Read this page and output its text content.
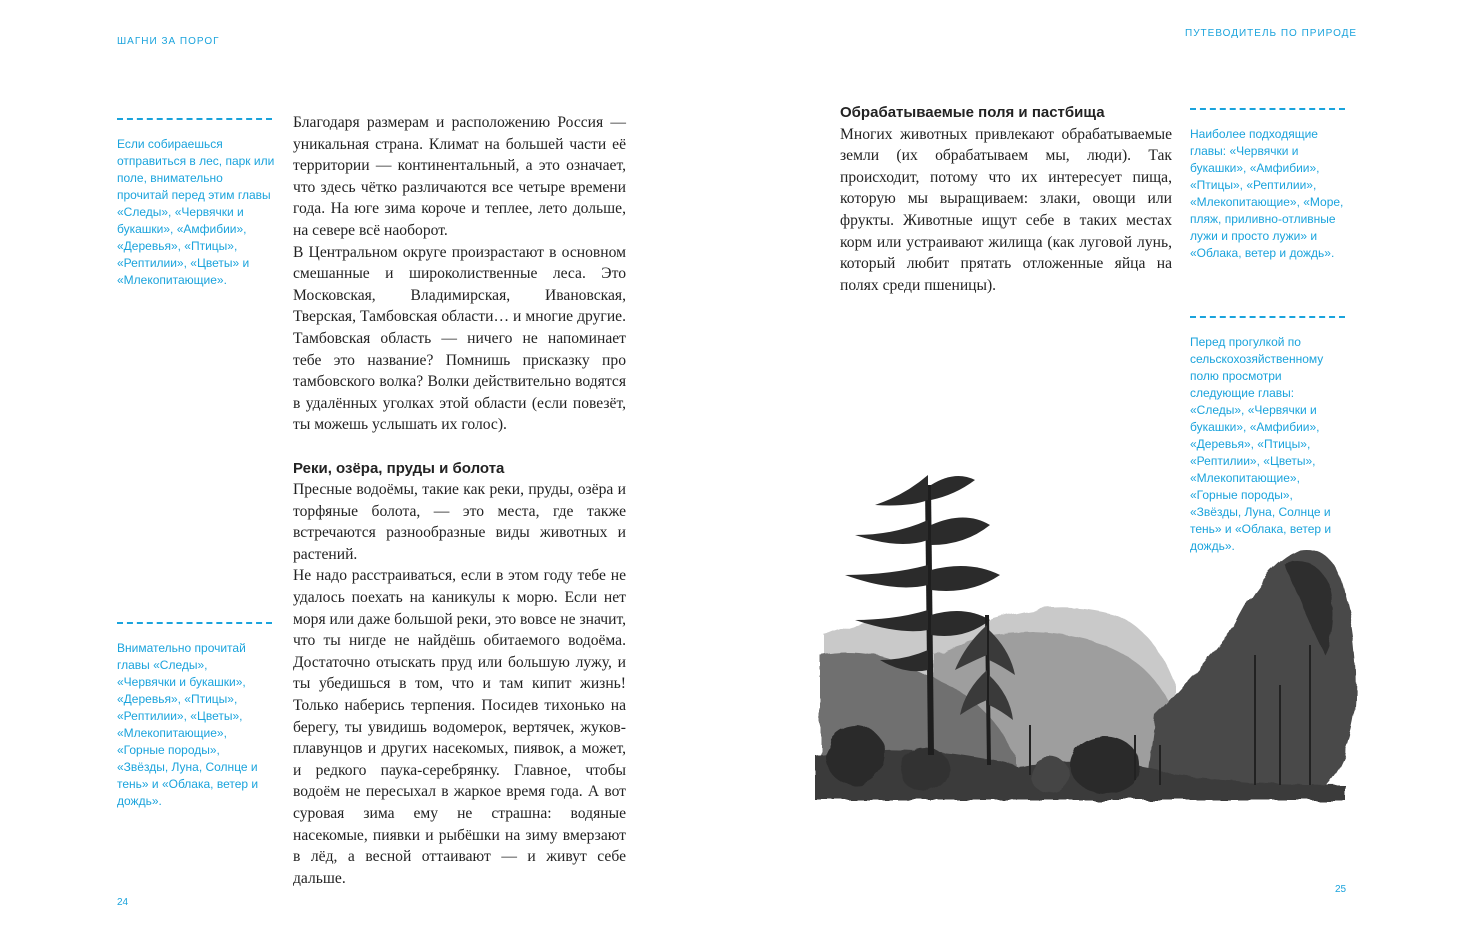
ШАГНИ ЗА ПОРОГ

Если собираешься отправиться в лес, парк или поле, внимательно прочитай перед этим главы «Следы», «Червячки и букашки», «Амфибии», «Деревья», «Птицы», «Рептилии», «Цветы» и «Млекопитающие».

Внимательно прочитай главы «Следы», «Червячки и букашки», «Деревья», «Птицы», «Рептилии», «Цветы», «Млекопитающие», «Горные породы», «Звёзды, Луна, Солнце и тень» и «Облака, ветер и дождь».

Благодаря размерам и расположению Россия — уникальная страна. Климат на большей части её территории — континентальный, а это означает, что здесь чётко различаются все четыре времени года. На юге зима короче и теплее, лето дольше, на севере всё наоборот.

В Центральном округе произрастают в основном смешанные и широколиственные леса. Это Московская, Владимирская, Ивановская, Тверская, Тамбовская области… и многие другие. Тамбовская область — ничего не напоминает тебе это название? Помнишь присказку про тамбовского волка? Волки действительно водятся в удалённых уголках этой области (если повезёт, ты можешь услышать их голос).

Реки, озёра, пруды и болота

Пресные водоёмы, такие как реки, пруды, озёра и торфяные болота, — это места, где также встречаются разнообразные виды животных и растений.

Не надо расстраиваться, если в этом году тебе не удалось поехать на каникулы к морю. Если нет моря или даже большой реки, это вовсе не значит, что ты нигде не найдёшь обитаемого водоёма. Достаточно отыскать пруд или большую лужу, и ты убедишься в том, что и там кипит жизнь! Только наберись терпения. Посидев тихонько на берегу, ты увидишь водомерок, вертячек, жуков-плавунцов и других насекомых, пиявок, а может, и редкого паука-серебрянку. Главное, чтобы водоём не пересыхал в жаркое время года. А вот суровая зима ему не страшна: водяные насекомые, пиявки и рыбёшки на зиму вмерзают в лёд, а весной оттаивают — и живут себе дальше.

24
ПУТЕВОДИТЕЛЬ ПО ПРИРОДЕ
Обрабатываемые поля и пастбища

Многих животных привлекают обрабатываемые земли (их обрабатываем мы, люди). Так происходит, потому что их интересует пища, которую мы выращиваем: злаки, овощи или фрукты. Животные ищут себе в таких местах корм или устраивают жилища (как луговой лунь, который любит прятать отложенные яйца на полях среди пшеницы).

Наиболее подходящие главы: «Червячки и букашки», «Амфибии», «Птицы», «Рептилии», «Млекопитающие», «Море, пляж, приливно-отливные лужи и просто лужи» и «Облака, ветер и дождь».

Перед прогулкой по сельскохозяйственному полю просмотри следующие главы: «Следы», «Червячки и букашки», «Амфибии», «Деревья», «Птицы», «Рептилии», «Цветы», «Млекопитающие», «Горные породы», «Звёзды, Луна, Солнце и тень» и «Облака, ветер и дождь».

25
